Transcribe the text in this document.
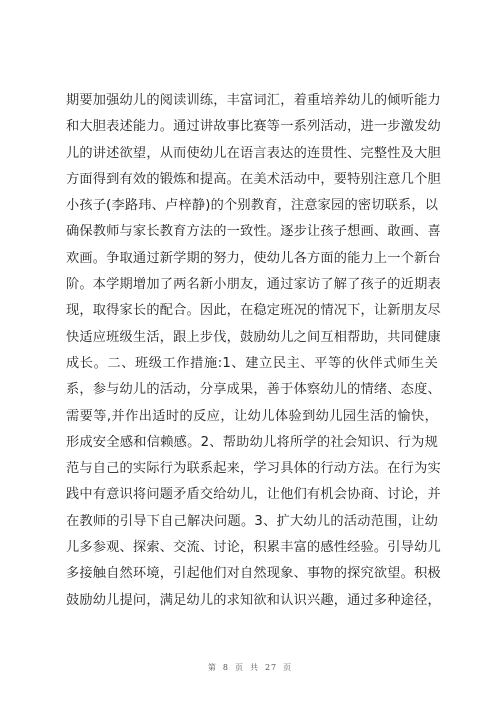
期要加强幼儿的阅读训练，丰富词汇，着重培养幼儿的倾听能力
和大胆表述能力。通过讲故事比赛等一系列活动，进一步激发幼
儿的讲述欲望，从而使幼儿在语言表达的连贯性、完整性及大胆
方面得到有效的锻炼和提高。在美术活动中，要特别注意几个胆
小孩子(李路玮、卢梓静)的个别教育，注意家园的密切联系，以
确保教师与家长教育方法的一致性。逐步让孩子想画、敢画、喜
欢画。争取通过新学期的努力，使幼儿各方面的能力上一个新台
阶。本学期增加了两名新小朋友，通过家访了解了孩子的近期表
现，取得家长的配合。因此，在稳定班况的情况下，让新朋友尽
快适应班级生活，跟上步伐，鼓励幼儿之间互相帮助，共同健康
成长。二、班级工作措施:1、建立民主、平等的伙伴式师生关
系，参与幼儿的活动，分享成果，善于体察幼儿的情绪、态度、
需要等,并作出适时的反应，让幼儿体验到幼儿园生活的愉快，
形成安全感和信赖感。2、帮助幼儿将所学的社会知识、行为规
范与自己的实际行为联系起来，学习具体的行动方法。在行为实
践中有意识将问题矛盾交给幼儿，让他们有机会协商、讨论，并
在教师的引导下自己解决问题。3、扩大幼儿的活动范围，让幼
儿多参观、探索、交流、讨论，积累丰富的感性经验。引导幼儿
多接触自然环境，引起他们对自然现象、事物的探究欲望。积极
鼓励幼儿提问，满足幼儿的求知欲和认识兴趣，通过多种途径，
第 8 页 共 27 页
